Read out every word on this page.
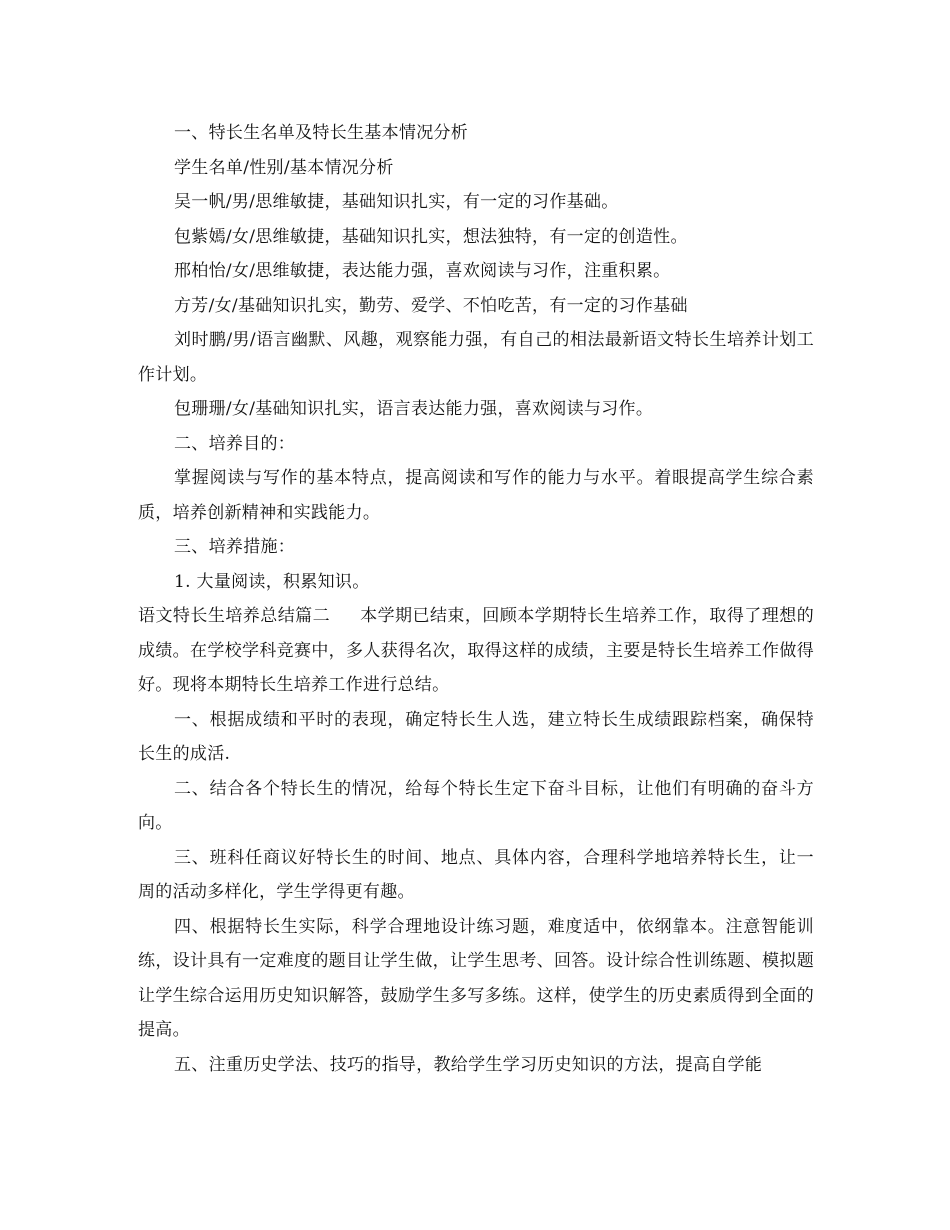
一、特长生名单及特长生基本情况分析

学生名单/性别/基本情况分析

吴一帆/男/思维敏捷，基础知识扎实，有一定的习作基础。

包紫嫣/女/思维敏捷，基础知识扎实，想法独特，有一定的创造性。

邢柏怡/女/思维敏捷，表达能力强，喜欢阅读与习作，注重积累。

方芳/女/基础知识扎实，勤劳、爱学、不怕吃苦，有一定的习作基础

刘时鹏/男/语言幽默、风趣，观察能力强，有自己的相法最新语文特长生培养计划工作计划。

包珊珊/女/基础知识扎实，语言表达能力强，喜欢阅读与习作。

二、培养目的：

掌握阅读与写作的基本特点，提高阅读和写作的能力与水平。着眼提高学生综合素质，培养创新精神和实践能力。

三、培养措施：

1. 大量阅读，积累知识。

语文特长生培养总结篇二 本学期已结束，回顾本学期特长生培养工作，取得了理想的成绩。在学校学科竞赛中，多人获得名次，取得这样的成绩，主要是特长生培养工作做得好。现将本期特长生培养工作进行总结。

一、根据成绩和平时的表现，确定特长生人选，建立特长生成绩跟踪档案，确保特长生的成活.

二、结合各个特长生的情况，给每个特长生定下奋斗目标，让他们有明确的奋斗方向。

三、班科任商议好特长生的时间、地点、具体内容，合理科学地培养特长生，让一周的活动多样化，学生学得更有趣。

四、根据特长生实际，科学合理地设计练习题，难度适中，依纲靠本。注意智能训练，设计具有一定难度的题目让学生做，让学生思考、回答。设计综合性训练题、模拟题让学生综合运用历史知识解答，鼓励学生多写多练。这样，使学生的历史素质得到全面的提高。

五、注重历史学法、技巧的指导，教给学生学习历史知识的方法，提高自学能
